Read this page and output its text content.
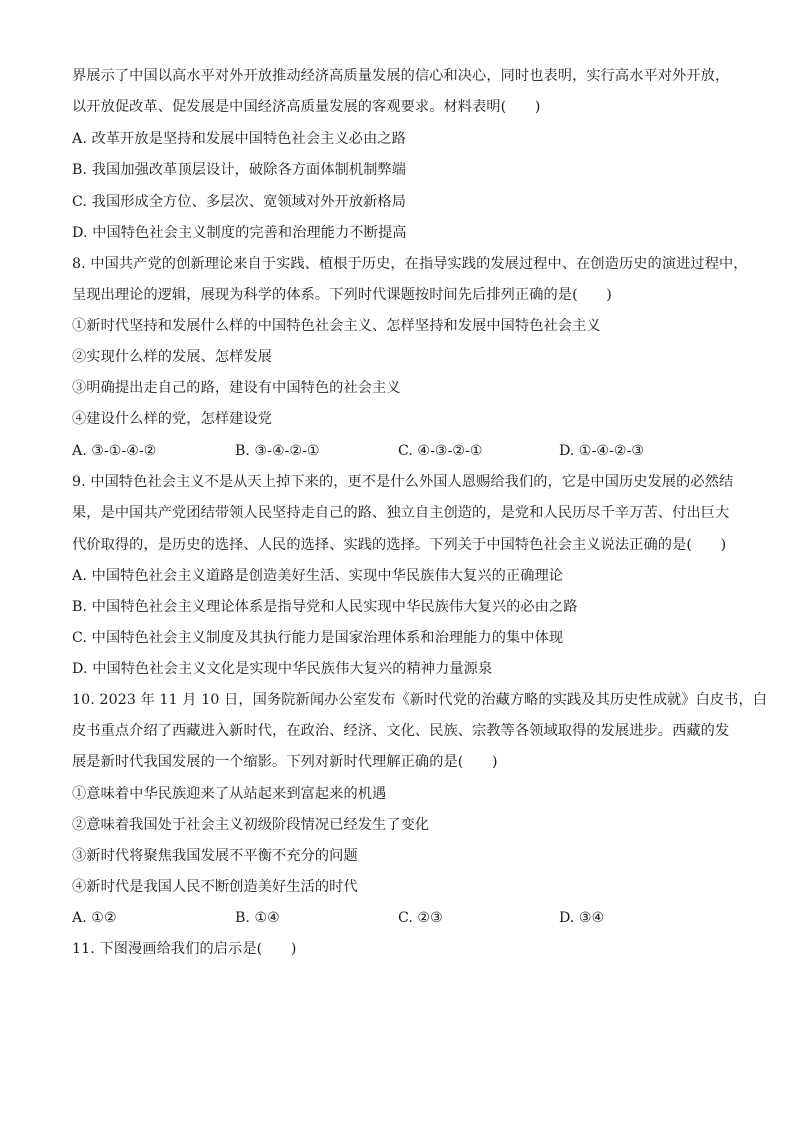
界展示了中国以高水平对外开放推动经济高质量发展的信心和决心，同时也表明，实行高水平对外开放，
以开放促改革、促发展是中国经济高质量发展的客观要求。材料表明(　　)
A. 改革开放是坚持和发展中国特色社会主义必由之路
B. 我国加强改革顶层设计，破除各方面体制机制弊端
C. 我国形成全方位、多层次、宽领域对外开放新格局
D. 中国特色社会主义制度的完善和治理能力不断提高
8. 中国共产党的创新理论来自于实践、植根于历史，在指导实践的发展过程中、在创造历史的演进过程中，
呈现出理论的逻辑，展现为科学的体系。下列时代课题按时间先后排列正确的是(　　)
①新时代坚持和发展什么样的中国特色社会主义、怎样坚持和发展中国特色社会主义
②实现什么样的发展、怎样发展
③明确提出走自己的路，建设有中国特色的社会主义
④建设什么样的党，怎样建设党
A. ③-①-④-②	B. ③-④-②-①	C. ④-③-②-①	D. ①-④-②-③
9. 中国特色社会主义不是从天上掉下来的，更不是什么外国人恩赐给我们的，它是中国历史发展的必然结
果，是中国共产党团结带领人民坚持走自己的路、独立自主创造的，是党和人民历尽千辛万苦、付出巨大
代价取得的，是历史的选择、人民的选择、实践的选择。下列关于中国特色社会主义说法正确的是(　　)
A. 中国特色社会主义道路是创造美好生活、实现中华民族伟大复兴的正确理论
B. 中国特色社会主义理论体系是指导党和人民实现中华民族伟大复兴的必由之路
C. 中国特色社会主义制度及其执行能力是国家治理体系和治理能力的集中体现
D. 中国特色社会主义文化是实现中华民族伟大复兴的精神力量源泉
10. 2023 年 11 月 10 日，国务院新闻办公室发布《新时代党的治藏方略的实践及其历史性成就》白皮书，白
皮书重点介绍了西藏进入新时代，在政治、经济、文化、民族、宗教等各领域取得的发展进步。西藏的发
展是新时代我国发展的一个缩影。下列对新时代理解正确的是(　　)
①意味着中华民族迎来了从站起来到富起来的机遇
②意味着我国处于社会主义初级阶段情况已经发生了变化
③新时代将聚焦我国发展不平衡不充分的问题
④新时代是我国人民不断创造美好生活的时代
A. ①②	B. ①④	C. ②③	D. ③④
11. 下图漫画给我们的启示是(　　)
